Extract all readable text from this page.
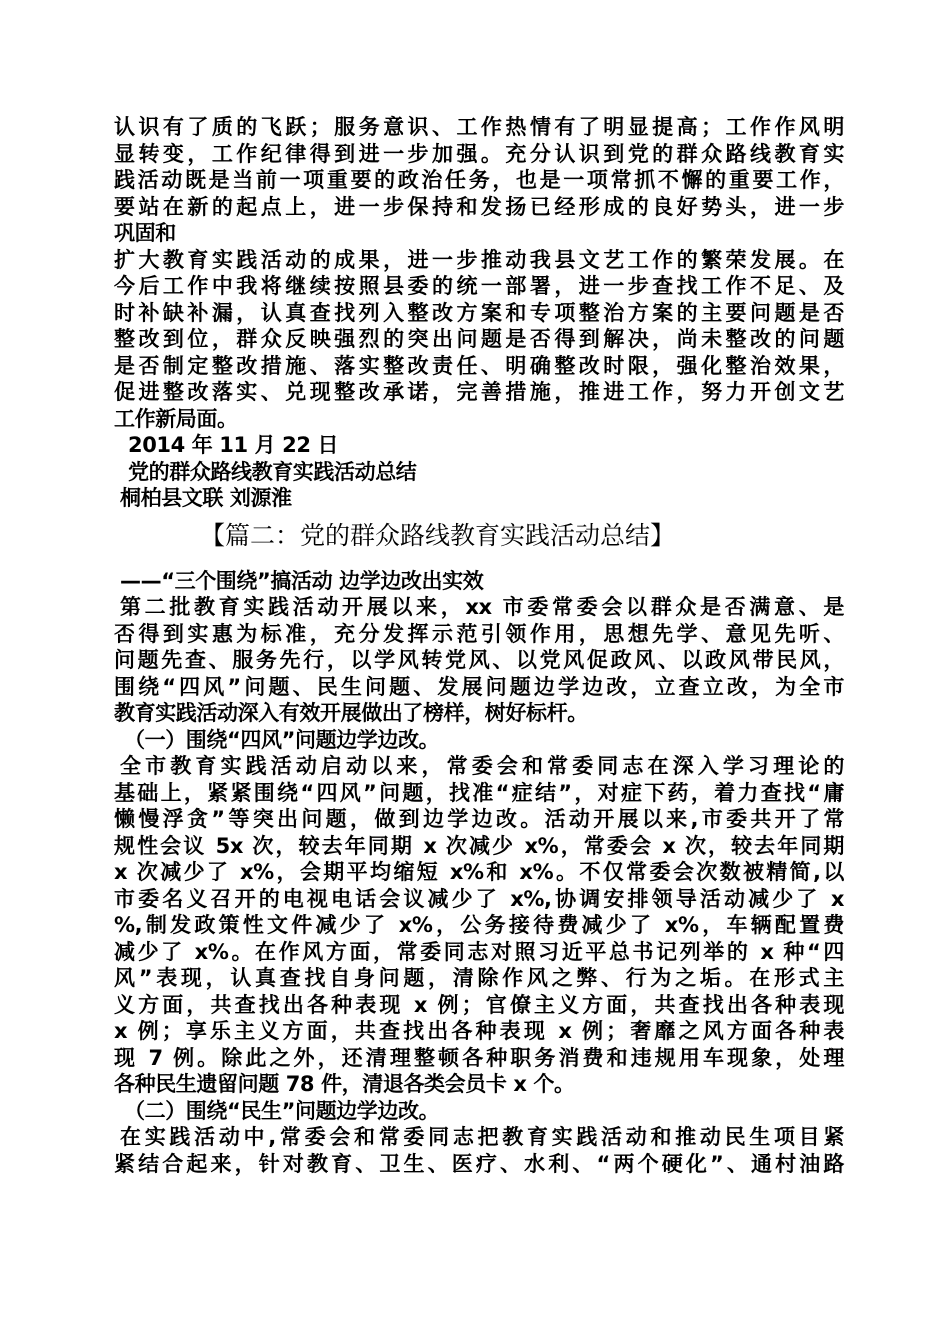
认识有了质的飞跃；服务意识、工作热情有了明显提高；工作作风明
显转变，工作纪律得到进一步加强。充分认识到党的群众路线教育实
践活动既是当前一项重要的政治任务，也是一项常抓不懈的重要工作，
要站在新的起点上，进一步保持和发扬已经形成的良好势头，进一步
巩固和
扩大教育实践活动的成果，进一步推动我县文艺工作的繁荣发展。在
今后工作中我将继续按照县委的统一部署，进一步查找工作不足、及
时补缺补漏，认真查找列入整改方案和专项整治方案的主要问题是否
整改到位，群众反映强烈的突出问题是否得到解决，尚未整改的问题
是否制定整改措施、落实整改责任、明确整改时限，强化整治效果，
促进整改落实、兑现整改承诺，完善措施，推进工作，努力开创文艺
工作新局面。
2014 年 11 月 22 日
党的群众路线教育实践活动总结
桐柏县文联 刘源淮
【篇二：党的群众路线教育实践活动总结】
——“三个围绕”搞活动 边学边改出实效
第二批教育实践活动开展以来，xx 市委常委会以群众是否满意、是
否得到实惠为标准，充分发挥示范引领作用，思想先学、意见先听、
问题先查、服务先行，以学风转党风、以党风促政风、以政风带民风，
围绕“四风”问题、民生问题、发展问题边学边改，立查立改，为全市
教育实践活动深入有效开展做出了榜样，树好标杆。
（一）围绕“四风”问题边学边改。
全市教育实践活动启动以来，常委会和常委同志在深入学习理论的
基础上，紧紧围绕“四风”问题，找准“症结”，对症下药，着力查找“庸
懒慢浮贪”等突出问题，做到边学边改。活动开展以来,市委共开了常
规性会议 5x 次，较去年同期 x 次减少 x%，常委会 x 次，较去年同期
x 次减少了 x%，会期平均缩短 x%和 x%。不仅常委会次数被精简,以
市委名义召开的电视电话会议减少了 x%,协调安排领导活动减少了 x
%,制发政策性文件减少了 x%，公务接待费减少了 x%，车辆配置费
减少了 x%。在作风方面，常委同志对照习近平总书记列举的 x 种“四
风”表现，认真查找自身问题，清除作风之弊、行为之垢。在形式主
义方面，共查找出各种表现 x 例；官僚主义方面，共查找出各种表现
x 例；享乐主义方面，共查找出各种表现 x 例；奢靡之风方面各种表
现 7 例。除此之外，还清理整顿各种职务消费和违规用车现象，处理
各种民生遗留问题 78 件，清退各类会员卡 x 个。
（二）围绕“民生”问题边学边改。
在实践活动中,常委会和常委同志把教育实践活动和推动民生项目紧
紧结合起来，针对教育、卫生、医疗、水利、“两个硬化”、通村油路
